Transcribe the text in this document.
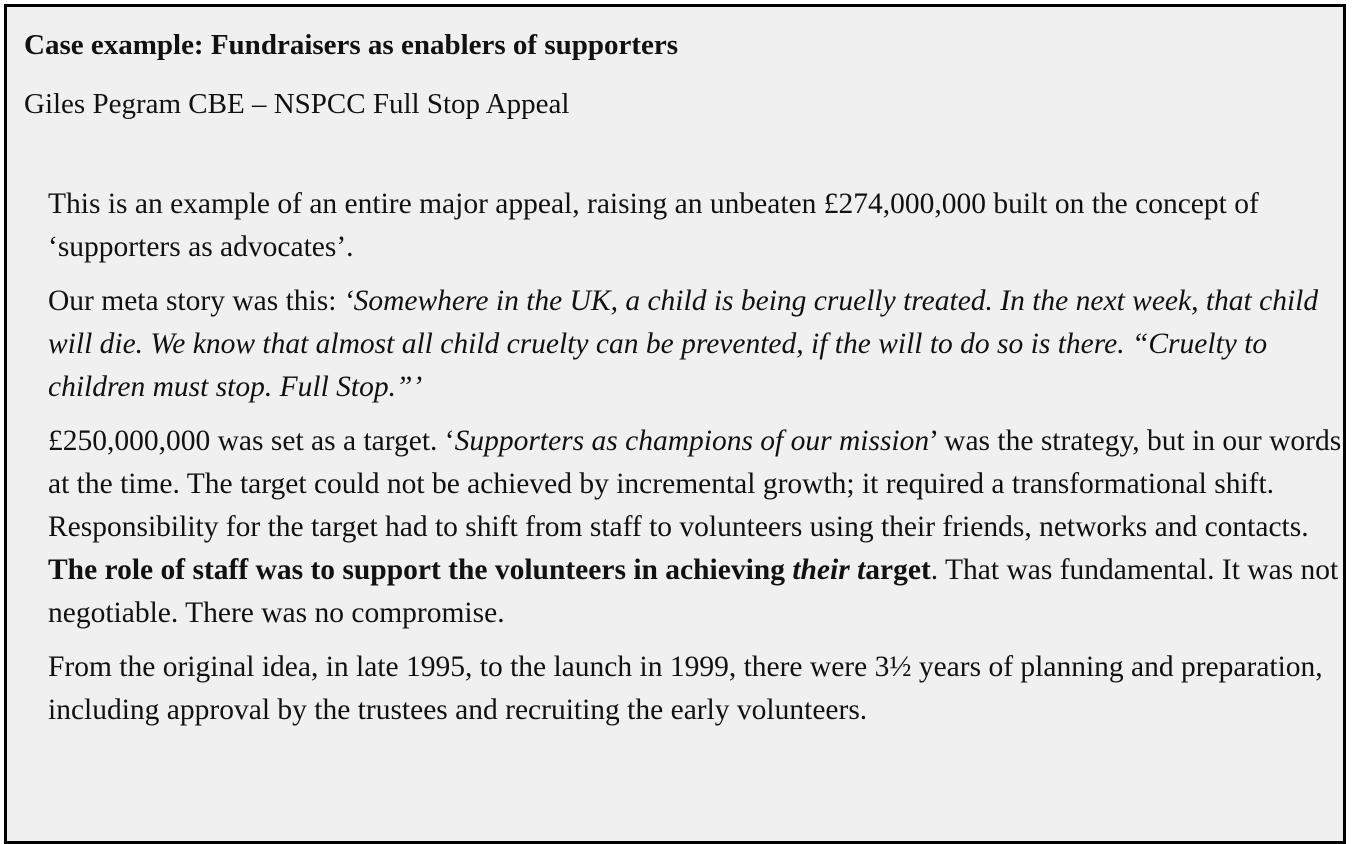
Case example: Fundraisers as enablers of supporters
Giles Pegram CBE – NSPCC Full Stop Appeal

This is an example of an entire major appeal, raising an unbeaten £274,000,000 built on the concept of ‘supporters as advocates’.

Our meta story was this: ‘Somewhere in the UK, a child is being cruelly treated. In the next week, that child will die. We know that almost all child cruelty can be prevented, if the will to do so is there. “Cruelty to children must stop. Full Stop.”’

£250,000,000 was set as a target. ‘Supporters as champions of our mission’ was the strategy, but in our words at the time. The target could not be achieved by incremental growth; it required a transformational shift. Responsibility for the target had to shift from staff to volunteers using their friends, networks and contacts. The role of staff was to support the volunteers in achieving their target. That was fundamental. It was not negotiable. There was no compromise.

From the original idea, in late 1995, to the launch in 1999, there were 3½ years of planning and preparation, including approval by the trustees and recruiting the early volunteers.
